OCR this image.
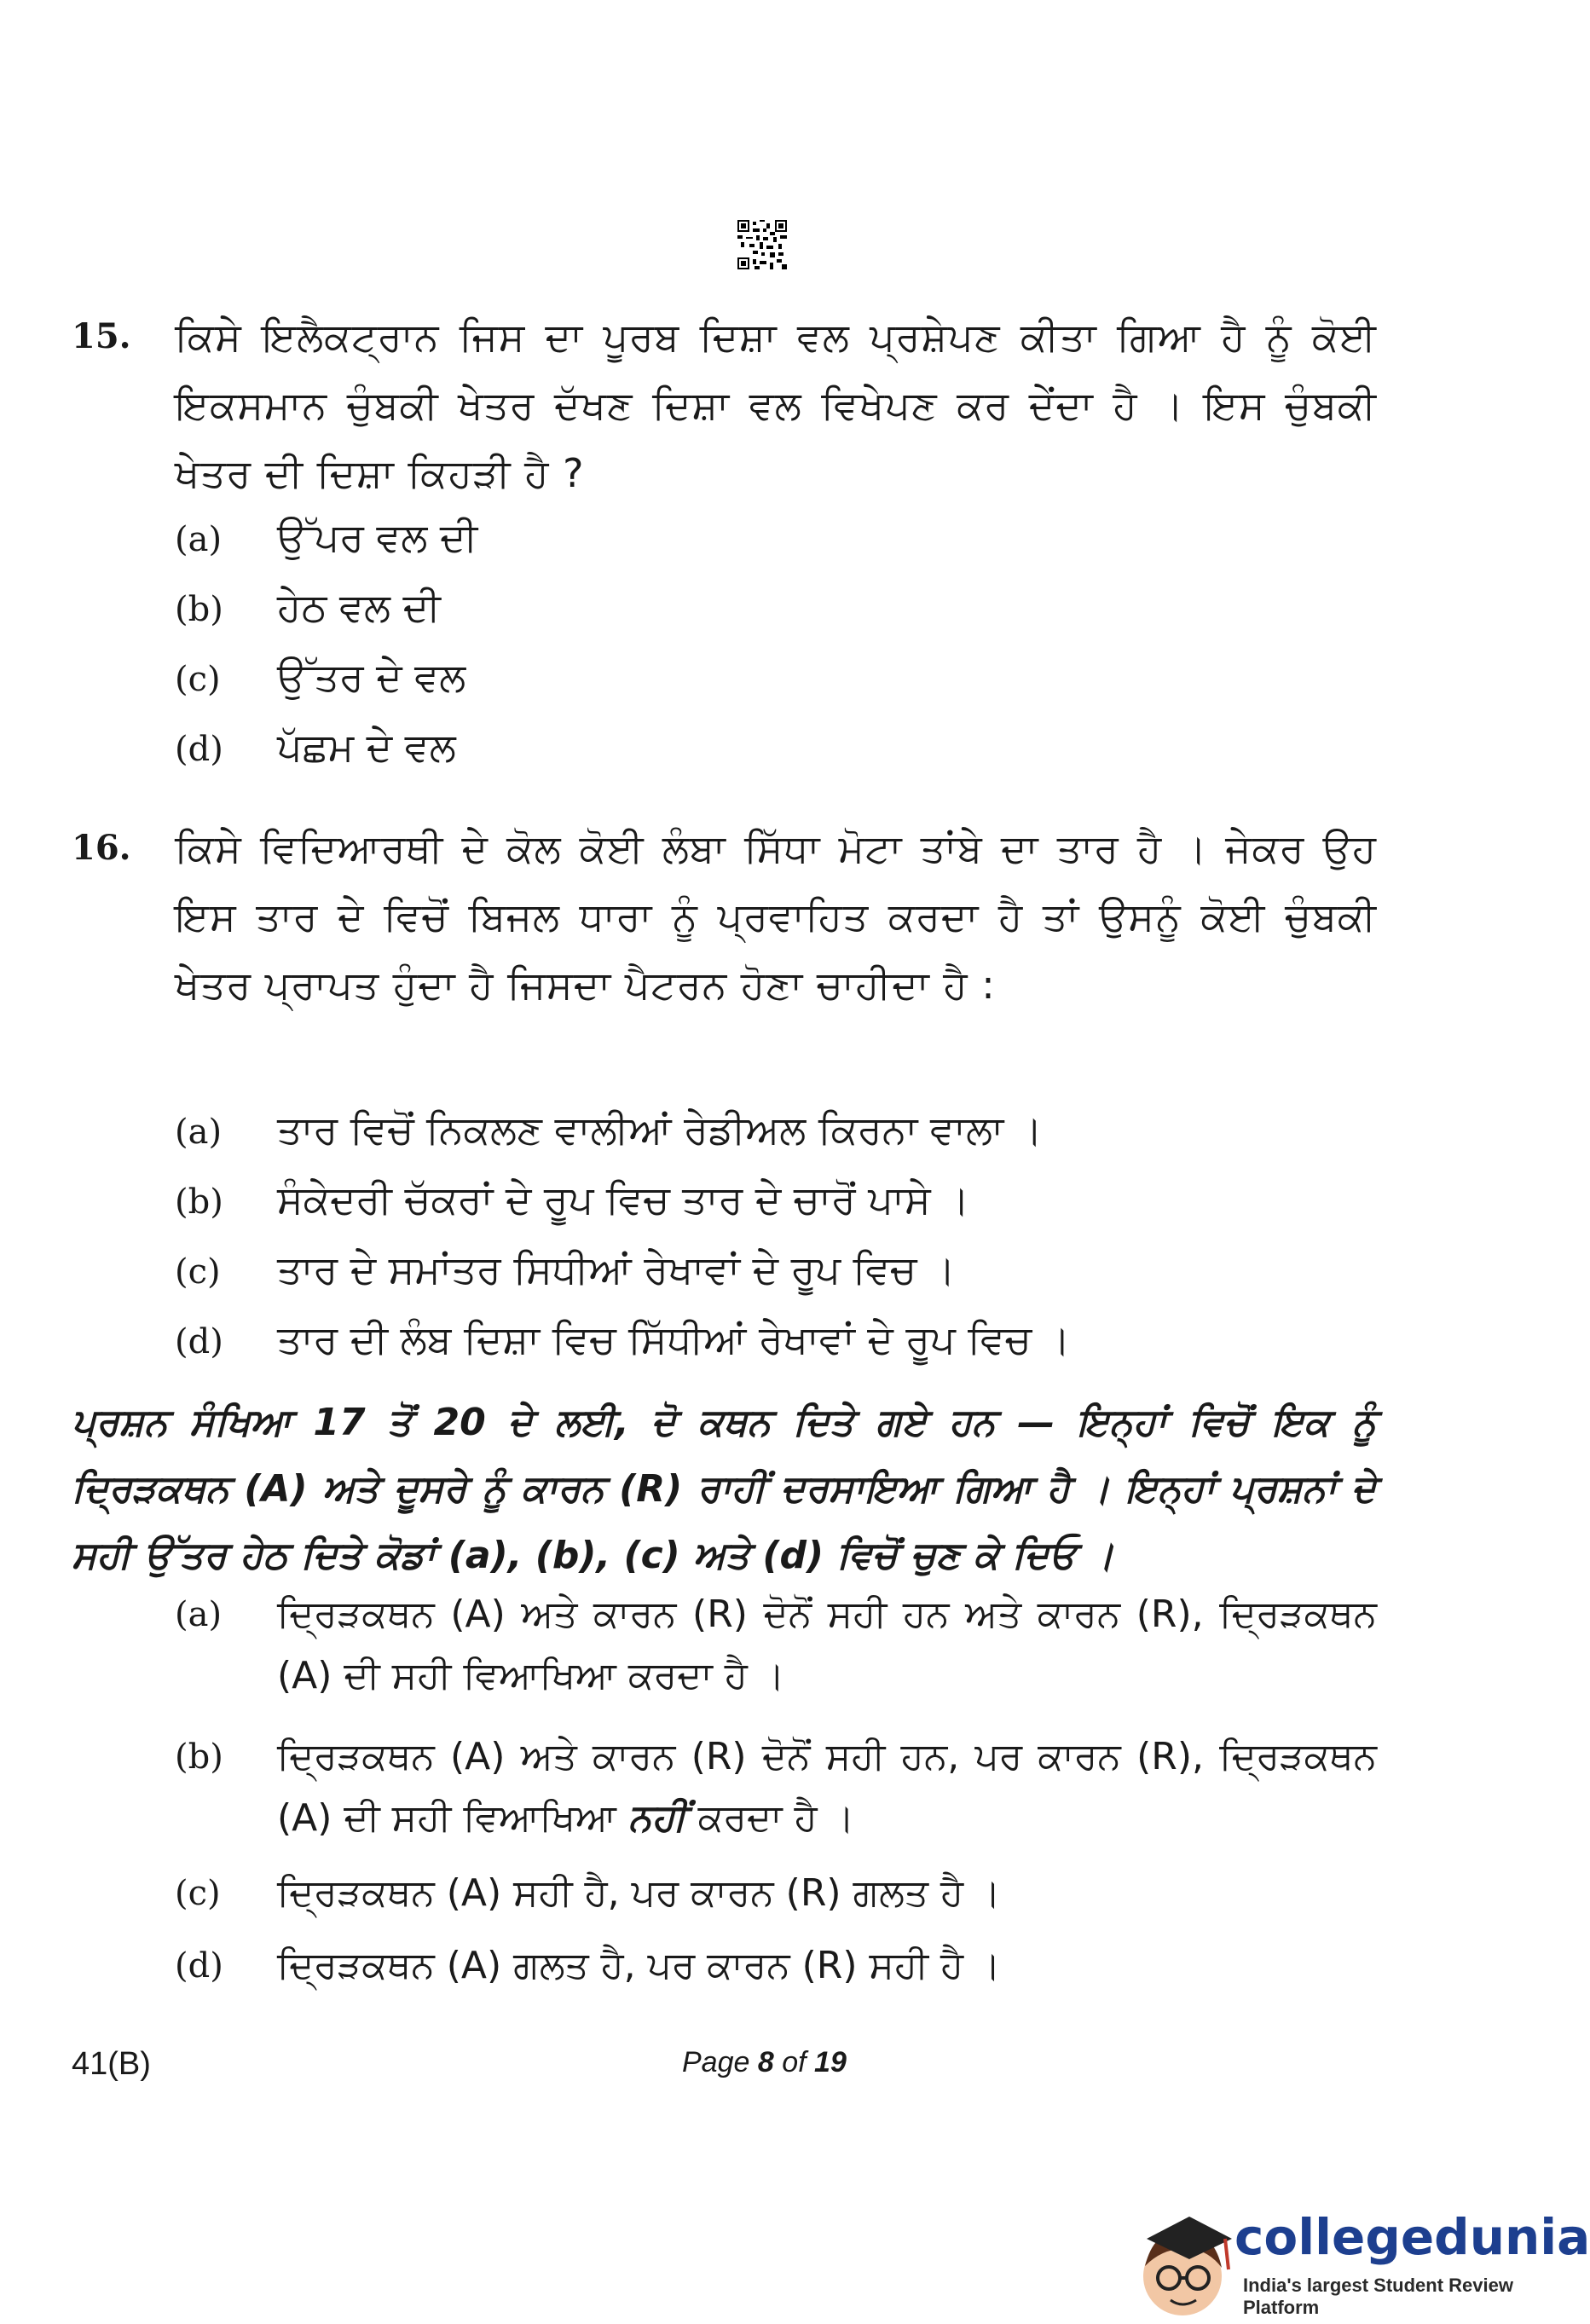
15. ਕਿਸੇ ਇਲੈਕਟ੍ਰਾਨ ਜਿਸ ਦਾ ਪੂਰਬ ਦਿਸ਼ਾ ਵਲ ਪ੍ਰਸ਼ੇਪਣ ਕੀਤਾ ਗਿਆ ਹੈ ਨੂੰ ਕੋਈ ਇਕਸਮਾਨ ਚੁੰਬਕੀ ਖੇਤਰ ਦੱਖਣ ਦਿਸ਼ਾ ਵਲ ਵਿਖੇਪਣ ਕਰ ਦੇਂਦਾ ਹੈ । ਇਸ ਚੁੰਬਕੀ ਖੇਤਰ ਦੀ ਦਿਸ਼ਾ ਕਿਹੜੀ ਹੈ ?
(a) ਉੱਪਰ ਵਲ ਦੀ
(b) ਹੇਠ ਵਲ ਦੀ
(c) ਉੱਤਰ ਦੇ ਵਲ
(d) ਪੱਛਮ ਦੇ ਵਲ
16. ਕਿਸੇ ਵਿਦਿਆਰਥੀ ਦੇ ਕੋਲ ਕੋਈ ਲੰਬਾ ਸਿੱਧਾ ਮੋਟਾ ਤਾਂਬੇ ਦਾ ਤਾਰ ਹੈ । ਜੇਕਰ ਉਹ ਇਸ ਤਾਰ ਦੇ ਵਿਚੋਂ ਬਿਜਲ ਧਾਰਾ ਨੂੰ ਪ੍ਰਵਾਹਿਤ ਕਰਦਾ ਹੈ ਤਾਂ ਉਸਨੂੰ ਕੋਈ ਚੁੰਬਕੀ ਖੇਤਰ ਪ੍ਰਾਪਤ ਹੁੰਦਾ ਹੈ ਜਿਸਦਾ ਪੈਟਰਨ ਹੋਣਾ ਚਾਹੀਦਾ ਹੈ :
(a) ਤਾਰ ਵਿਚੋਂ ਨਿਕਲਣ ਵਾਲੀਆਂ ਰੇਡੀਅਲ ਕਿਰਨਾ ਵਾਲਾ ।
(b) ਸੰਕੇਦਰੀ ਚੱਕਰਾਂ ਦੇ ਰੂਪ ਵਿਚ ਤਾਰ ਦੇ ਚਾਰੋਂ ਪਾਸੇ ।
(c) ਤਾਰ ਦੇ ਸਮਾਂਤਰ ਸਿਧੀਆਂ ਰੇਖਾਵਾਂ ਦੇ ਰੂਪ ਵਿਚ ।
(d) ਤਾਰ ਦੀ ਲੰਬ ਦਿਸ਼ਾ ਵਿਚ ਸਿੱਧੀਆਂ ਰੇਖਾਵਾਂ ਦੇ ਰੂਪ ਵਿਚ ।
ਪ੍ਰਸ਼ਨ ਸੰਖਿਆ 17 ਤੋਂ 20 ਦੇ ਲਈ, ਦੋ ਕਥਨ ਦਿਤੇ ਗਏ ਹਨ — ਇਨ੍ਹਾਂ ਵਿਚੋਂ ਇਕ ਨੂੰ ਦ੍ਰਿੜਕਥਨ (A) ਅਤੇ ਦੂਸਰੇ ਨੂੰ ਕਾਰਨ (R) ਰਾਹੀਂ ਦਰਸਾਇਆ ਗਿਆ ਹੈ । ਇਨ੍ਹਾਂ ਪ੍ਰਸ਼ਨਾਂ ਦੇ ਸਹੀ ਉੱਤਰ ਹੇਠ ਦਿਤੇ ਕੋਡਾਂ (a), (b), (c) ਅਤੇ (d) ਵਿਚੋਂ ਚੁਣ ਕੇ ਦਿਓ ।
(a) ਦ੍ਰਿੜਕਥਨ (A) ਅਤੇ ਕਾਰਨ (R) ਦੋਨੋਂ ਸਹੀ ਹਨ ਅਤੇ ਕਾਰਨ (R), ਦ੍ਰਿੜਕਥਨ (A) ਦੀ ਸਹੀ ਵਿਆਖਿਆ ਕਰਦਾ ਹੈ ।
(b) ਦ੍ਰਿੜਕਥਨ (A) ਅਤੇ ਕਾਰਨ (R) ਦੋਨੋਂ ਸਹੀ ਹਨ, ਪਰ ਕਾਰਨ (R), ਦ੍ਰਿੜਕਥਨ (A) ਦੀ ਸਹੀ ਵਿਆਖਿਆ ਨਹੀਂ ਕਰਦਾ ਹੈ ।
(c) ਦ੍ਰਿੜਕਥਨ (A) ਸਹੀ ਹੈ, ਪਰ ਕਾਰਨ (R) ਗਲਤ ਹੈ ।
(d) ਦ੍ਰਿੜਕਥਨ (A) ਗਲਤ ਹੈ, ਪਰ ਕਾਰਨ (R) ਸਹੀ ਹੈ ।
41(B)	Page 8 of 19
collegedunia
India's largest Student Review Platform
